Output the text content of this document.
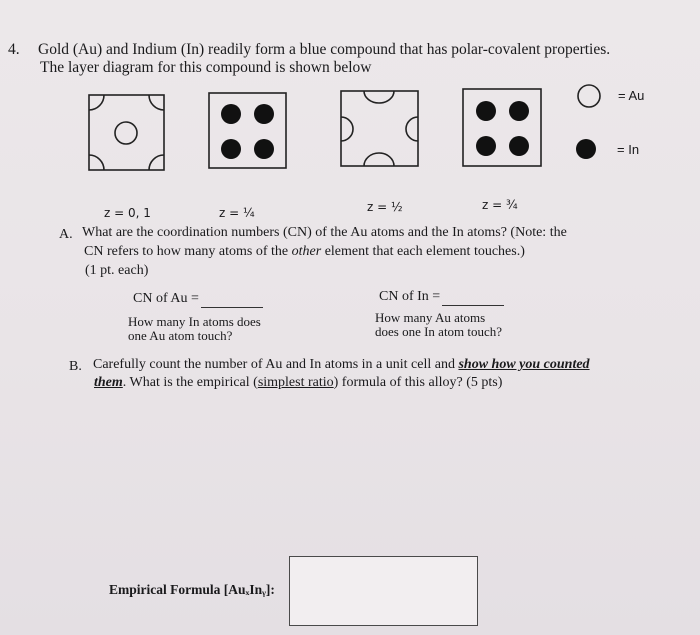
4. Gold (Au) and Indium (In) readily form a blue compound that has polar-covalent properties.
The layer diagram for this compound is shown below
= Au
= In
z = 0, 1	z = ¼	z = ½	z = ¾
A. What are the coordination numbers (CN) of the Au atoms and the In atoms? (Note: the
CN refers to how many atoms of the other element that each element touches.)
(1 pt. each)
CN of Au =	CN of In =
How many In atoms does
one Au atom touch?
How many Au atoms
does one In atom touch?
B. Carefully count the number of Au and In atoms in a unit cell and show how you counted
them. What is the empirical (simplest ratio) formula of this alloy? (5 pts)
Empirical Formula [AuₓInᵧ]:
